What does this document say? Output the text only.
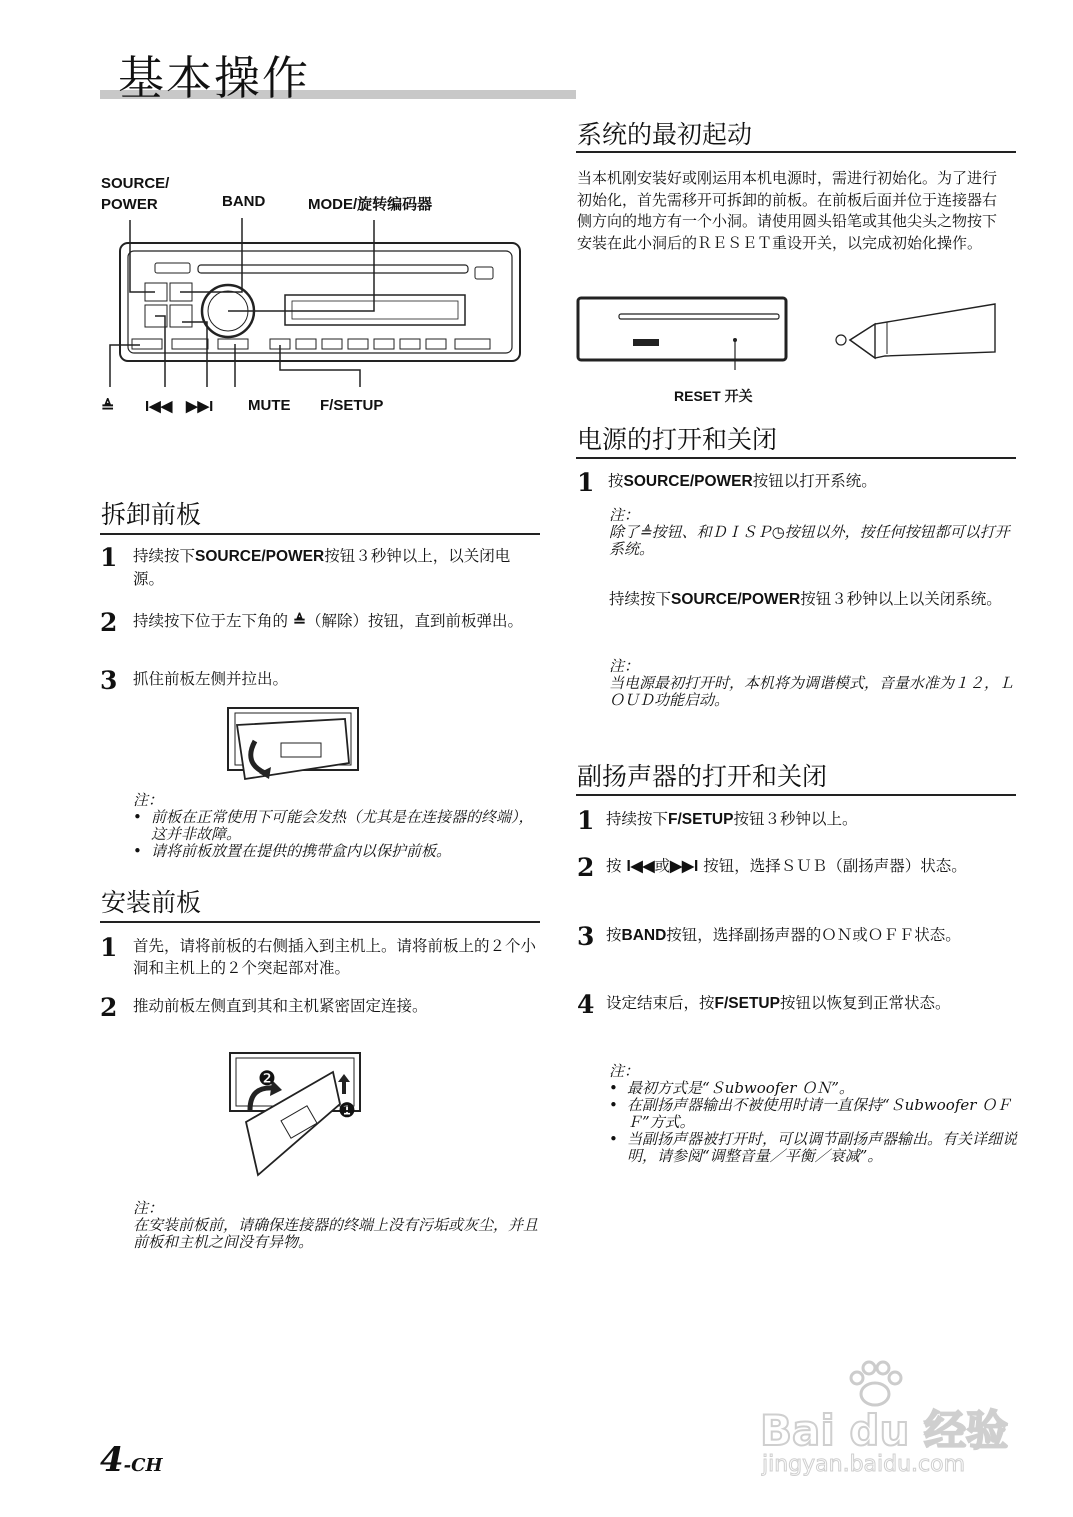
基本操作
SOURCE/
POWER	BAND	MODE/旋转编码器
≜ I◀◀ ▶▶I MUTE F/SETUP
拆卸前板
1 持续按下SOURCE/POWER按钮３秒钟以上，以关闭电源。
2 持续按下位于左下角的 ≜（解除）按钮，直到前板弹出。
3 抓住前板左侧并拉出。
注：
• 前板在正常使用下可能会发热（尤其是在连接器的终端），这并非故障。
• 请将前板放置在提供的携带盒内以保护前板。
安装前板
1 首先，请将前板的右侧插入到主机上。请将前板上的２个小洞和主机上的２个突起部对准。
2 推动前板左侧直到其和主机紧密固定连接。
❷
❶
注：
在安装前板前，请确保连接器的终端上没有污垢或灰尘，并且前板和主机之间没有异物。
系统的最初起动
当本机刚安装好或刚运用本机电源时，需进行初始化。为了进行初始化，首先需移开可拆卸的前板。在前板后面并位于连接器右侧方向的地方有一个小洞。请使用圆头铅笔或其他尖头之物按下安装在此小洞后的ＲＥＳＥＴ重设开关，以完成初始化操作。
RESET 开关
电源的打开和关闭
1 按SOURCE/POWER按钮以打开系统。
注：
除了≜按钮、和ＤＩＳＰ◷按钮以外，按任何按钮都可以打开系统。
持续按下SOURCE/POWER按钮３秒钟以上以关闭系统。
注：
当电源最初打开时，本机将为调谐模式，音量水准为１２，ＬＯＵＤ功能启动。
副扬声器的打开和关闭
1 持续按下F/SETUP按钮３秒钟以上。
2 按 I◀◀或▶▶I 按钮，选择ＳＵＢ（副扬声器）状态。
3 按BAND按钮，选择副扬声器的ＯＮ或ＯＦＦ状态。
4 设定结束后，按F/SETUP按钮以恢复到正常状态。
注：
• 最初方式是“Ｓubwoofer ＯＮ”。
• 在副扬声器输出不被使用时请一直保持“Ｓubwoofer ＯＦＦ”方式。
• 当副扬声器被打开时，可以调节副扬声器输出。有关详细说明，请参阅“调整音量／平衡／衰减”。
4-CH
Bai du 经验
jingyan.baidu.com
